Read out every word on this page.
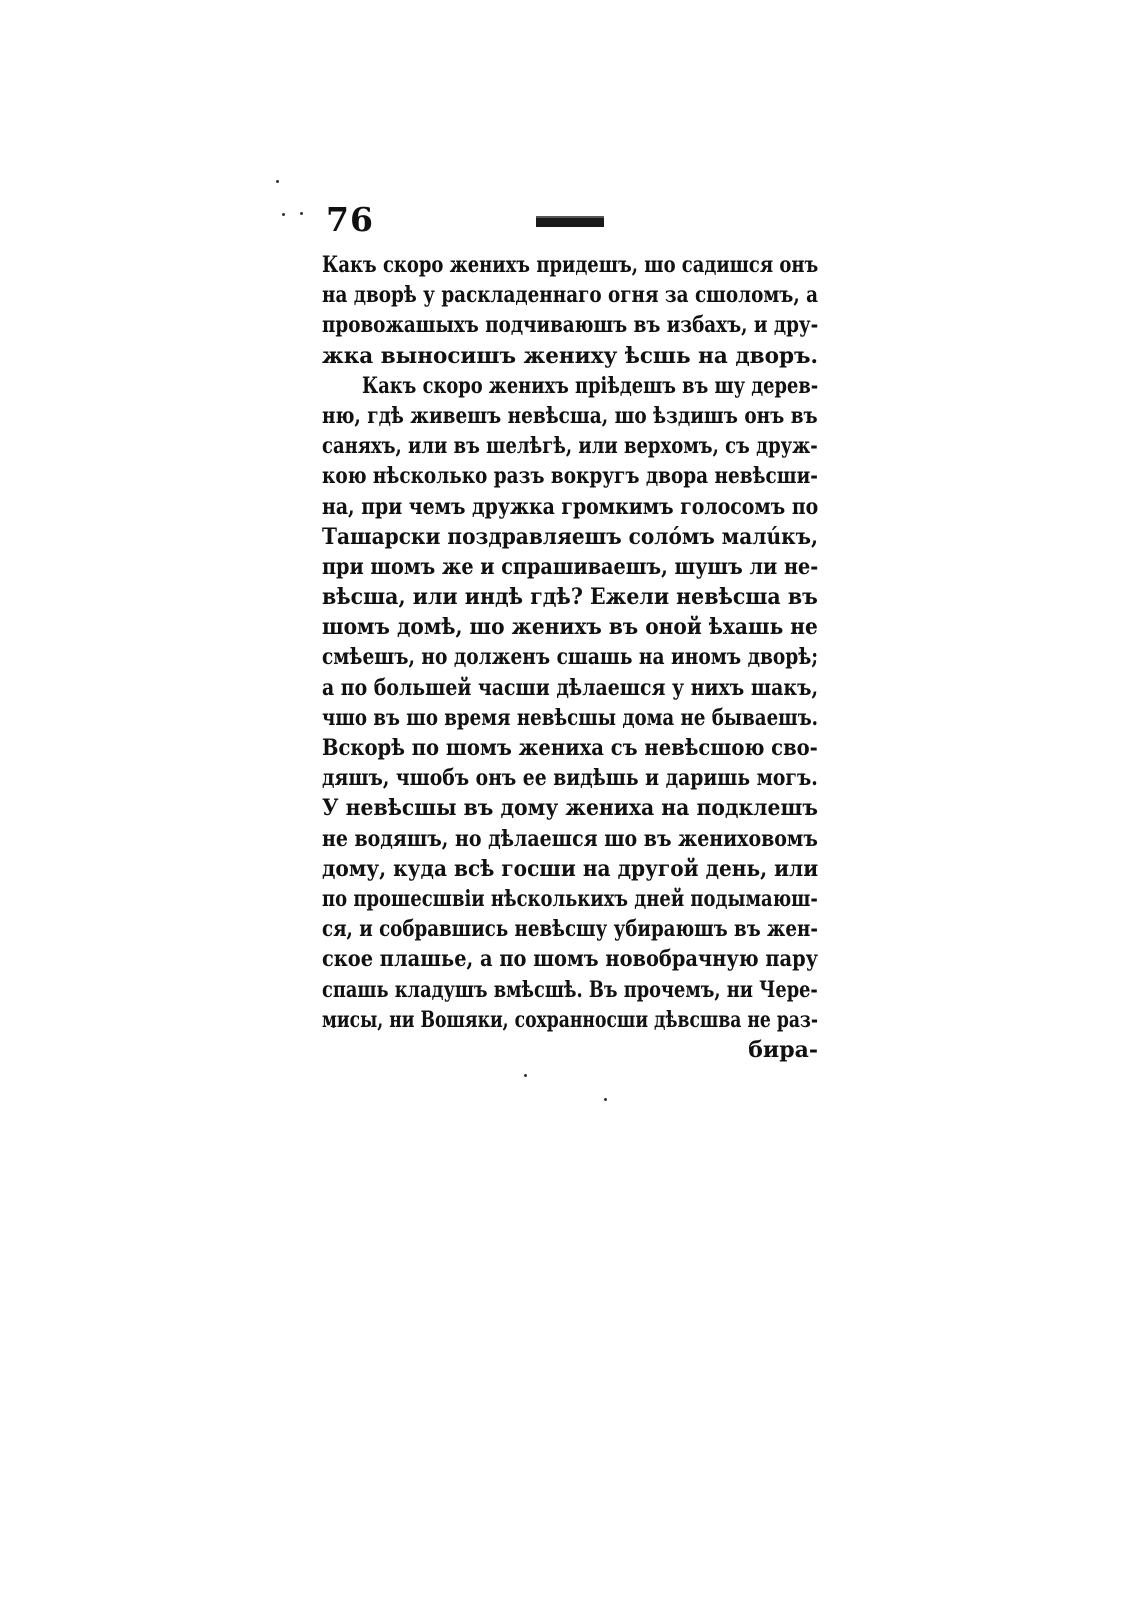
76
Какъ скоро женихъ придешъ, шо садишся онъ
на дворѣ у раскладеннаго огня за сшоломъ, а
провожашыхъ подчиваюшъ въ избахъ, и дру-
жка выносишъ жениху ѣсшь на дворъ.
Какъ скоро женихъ пріѣдешъ въ шу дерев-
ню, гдѣ живешъ невѣсша, шо ѣздишъ онъ въ
саняхъ, или въ шелѣгѣ, или верхомъ, съ друж-
кою нѣсколько разъ вокругъ двора невѣсши-
на, при чемъ дружка громкимъ голосомъ по
Ташарски поздравляешъ солóмъ малúкъ,
при шомъ же и спрашиваешъ, шушъ ли не-
вѣсша, или индѣ гдѣ? Ежели невѣсша въ
шомъ домѣ, шо женихъ въ оной ѣхашь не
смѣешъ, но долженъ сшашь на иномъ дворѣ;
а по большей часши дѣлаешся у нихъ шакъ,
чшо въ шо время невѣсшы дома не бываешъ.
Вскорѣ по шомъ жениха съ невѣсшою сво-
дяшъ, чшобъ онъ ее видѣшь и даришь могъ.
У невѣсшы въ дому жениха на подклешъ
не водяшъ, но дѣлаешся шо въ жениховомъ
дому, куда всѣ госши на другой день, или
по прошесшвіи нѣсколькихъ дней подымаюш-
ся, и собравшись невѣсшу убираюшъ въ жен-
ское плашье, а по шомъ новобрачную пару
спашь кладушъ вмѣсшѣ. Въ прочемъ, ни Чере-
мисы, ни Вошяки, сохранносши дѣвсшва не раз-
бира-
